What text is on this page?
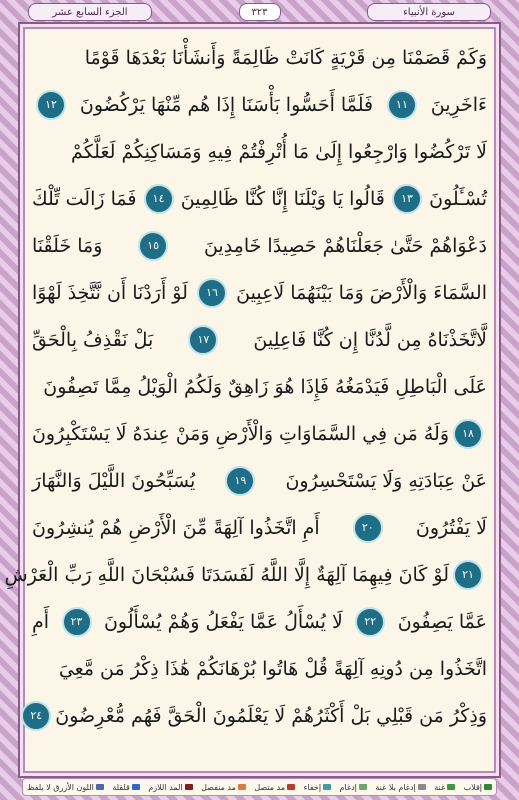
الجزء السابع عشر	٣٢٣	سورة الأنبياء
وَكَمْ قَصَمْنَا مِن قَرْيَةٍ كَانَتْ ظَالِمَةً وَأَنشَأْنَا بَعْدَهَا قَوْمًا
ءَاخَرِينَ
١١
فَلَمَّا أَحَسُّوا بَأْسَنَا إِذَا هُم مِّنْهَا يَرْكُضُونَ
١٢
لَا تَرْكُضُوا وَارْجِعُوا إِلَىٰ مَا أُتْرِفْتُمْ فِيهِ وَمَسَاكِنِكُمْ لَعَلَّكُمْ
تُسْـَٔلُونَ
١٣
قَالُوا يَا وَيْلَنَا إِنَّا كُنَّا ظَالِمِينَ
١٤
فَمَا زَالَت تِّلْكَ
دَعْوَاهُمْ حَتَّىٰ جَعَلْنَاهُمْ حَصِيدًا خَامِدِينَ
١٥
وَمَا خَلَقْنَا
السَّمَاءَ وَالْأَرْضَ وَمَا بَيْنَهُمَا لَاعِبِينَ
١٦
لَوْ أَرَدْنَا أَن نَّتَّخِذَ لَهْوًا
لَّاتَّخَذْنَاهُ مِن لَّدُنَّا إِن كُنَّا فَاعِلِينَ
١٧
بَلْ نَقْذِفُ بِالْحَقِّ
عَلَى الْبَاطِلِ فَيَدْمَغُهُ فَإِذَا هُوَ زَاهِقٌ وَلَكُمُ الْوَيْلُ مِمَّا تَصِفُونَ
١٨
وَلَهُ مَن فِي السَّمَاوَاتِ وَالْأَرْضِ وَمَنْ عِندَهُ لَا يَسْتَكْبِرُونَ
عَنْ عِبَادَتِهِ وَلَا يَسْتَحْسِرُونَ
١٩
يُسَبِّحُونَ اللَّيْلَ وَالنَّهَارَ
لَا يَفْتُرُونَ
٢٠
أَمِ اتَّخَذُوا آلِهَةً مِّنَ الْأَرْضِ هُمْ يُنشِرُونَ
٢١
لَوْ كَانَ فِيهِمَا آلِهَةٌ إِلَّا اللَّهُ لَفَسَدَتَا فَسُبْحَانَ اللَّهِ رَبِّ الْعَرْشِ
عَمَّا يَصِفُونَ
٢٢
لَا يُسْأَلُ عَمَّا يَفْعَلُ وَهُمْ يُسْأَلُونَ
٢٣
أَمِ
اتَّخَذُوا مِن دُونِهِ آلِهَةً قُلْ هَاتُوا بُرْهَانَكُمْ هَٰذَا ذِكْرُ مَن مَّعِيَ
وَذِكْرُ مَن قَبْلِي بَلْ أَكْثَرُهُمْ لَا يَعْلَمُونَ الْحَقَّ فَهُم مُّعْرِضُونَ
٢٤
إقلاب
غنة
إدغام بلا غنة
إدغام
إخفاء
مد متصل
مد منفصل
المد اللازم
قلقلة
اللون الأزرق لا يلفظ
